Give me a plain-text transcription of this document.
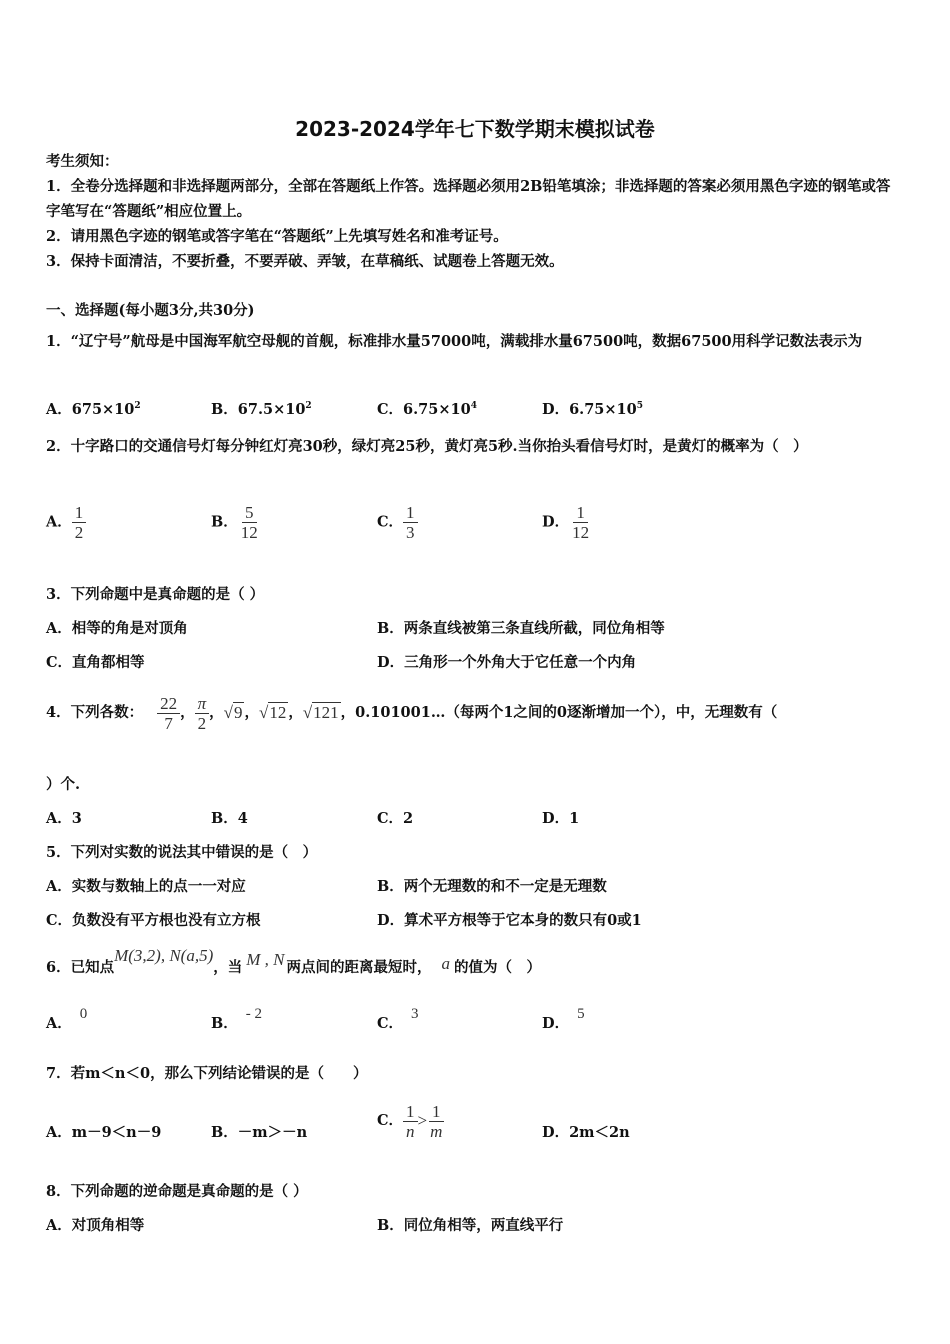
2023-2024学年七下数学期末模拟试卷
考生须知：
1．全卷分选择题和非选择题两部分，全部在答题纸上作答。选择题必须用2B铅笔填涂；非选择题的答案必须用黑色字迹的钢笔或答字笔写在“答题纸”相应位置上。
2．请用黑色字迹的钢笔或答字笔在“答题纸”上先填写姓名和准考证号。
3．保持卡面清洁，不要折叠，不要弄破、弄皱，在草稿纸、试题卷上答题无效。
一、选择题(每小题3分,共30分)
1．“辽宁号”航母是中国海军航空母舰的首舰，标准排水量57000吨，满载排水量67500吨，数据67500用科学记数法表示为
A．$675\times 10^2$	B．$67.5\times 10^2$	C．$6.75\times 10^4$	D．$6.75\times 10^5$
2．十字路口的交通信号灯每分钟红灯亮30秒，绿灯亮25秒，黄灯亮5秒.当你抬头看信号灯时，是黄灯的概率为（　）
A． $\frac{1}{2}$	B． $\frac{5}{12}$	C． $\frac{1}{3}$	D． $\frac{1}{12}$
3．下列命题中是真命题的是（ ）
A．相等的角是对顶角	B．两条直线被第三条直线所截，同位角相等
C．直角都相等	D．三角形一个外角大于它任意一个内角
4．下列各数： $\frac{22}{7}$ ， $\frac{\pi}{2}$ ， √9 ， √12 ， √121 ，0.101001…（每两个1之间的0逐渐增加一个），中，无理数有（
）个.
A．3	B．4	C．2	D．1
5．下列对实数的说法其中错误的是（　）
A．实数与数轴上的点一一对应	B．两个无理数的和不一定是无理数
C．负数没有平方根也没有立方根	D．算术平方根等于它本身的数只有0或1
6．已知点
M(3,2), N(a,5)
，当 M , N 两点间的距离最短时， a 的值为（　）
A．0
B．- 2
C．3
D．5
7．若m＜n＜0，那么下列结论错误的是（　　）
A．m－9＜n－9	B．－m＞－n
C． $\frac{1}{n} > \frac{1}{m}$	D．2m＜2n
8．下列命题的逆命题是真命题的是（ ）
A．对顶角相等	B．同位角相等，两直线平行
